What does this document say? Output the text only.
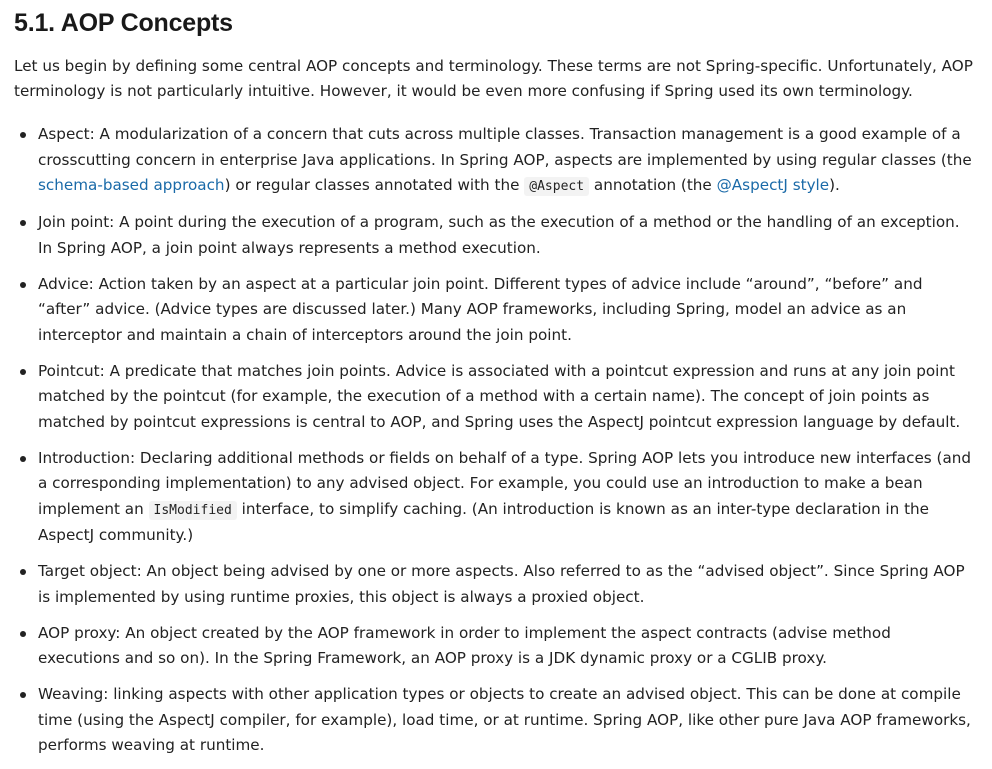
5.1. AOP Concepts

Let us begin by defining some central AOP concepts and terminology. These terms are not Spring-specific. Unfortunately, AOP terminology is not particularly intuitive. However, it would be even more confusing if Spring used its own terminology.

Aspect: A modularization of a concern that cuts across multiple classes. Transaction management is a good example of a crosscutting concern in enterprise Java applications. In Spring AOP, aspects are implemented by using regular classes (the schema-based approach) or regular classes annotated with the @Aspect annotation (the @AspectJ style).
Join point: A point during the execution of a program, such as the execution of a method or the handling of an exception. In Spring AOP, a join point always represents a method execution.
Advice: Action taken by an aspect at a particular join point. Different types of advice include “around”, “before” and “after” advice. (Advice types are discussed later.) Many AOP frameworks, including Spring, model an advice as an interceptor and maintain a chain of interceptors around the join point.
Pointcut: A predicate that matches join points. Advice is associated with a pointcut expression and runs at any join point matched by the pointcut (for example, the execution of a method with a certain name). The concept of join points as matched by pointcut expressions is central to AOP, and Spring uses the AspectJ pointcut expression language by default.
Introduction: Declaring additional methods or fields on behalf of a type. Spring AOP lets you introduce new interfaces (and a corresponding implementation) to any advised object. For example, you could use an introduction to make a bean implement an IsModified interface, to simplify caching. (An introduction is known as an inter-type declaration in the AspectJ community.)
Target object: An object being advised by one or more aspects. Also referred to as the “advised object”. Since Spring AOP is implemented by using runtime proxies, this object is always a proxied object.
AOP proxy: An object created by the AOP framework in order to implement the aspect contracts (advise method executions and so on). In the Spring Framework, an AOP proxy is a JDK dynamic proxy or a CGLIB proxy.
Weaving: linking aspects with other application types or objects to create an advised object. This can be done at compile time (using the AspectJ compiler, for example), load time, or at runtime. Spring AOP, like other pure Java AOP frameworks, performs weaving at runtime.
